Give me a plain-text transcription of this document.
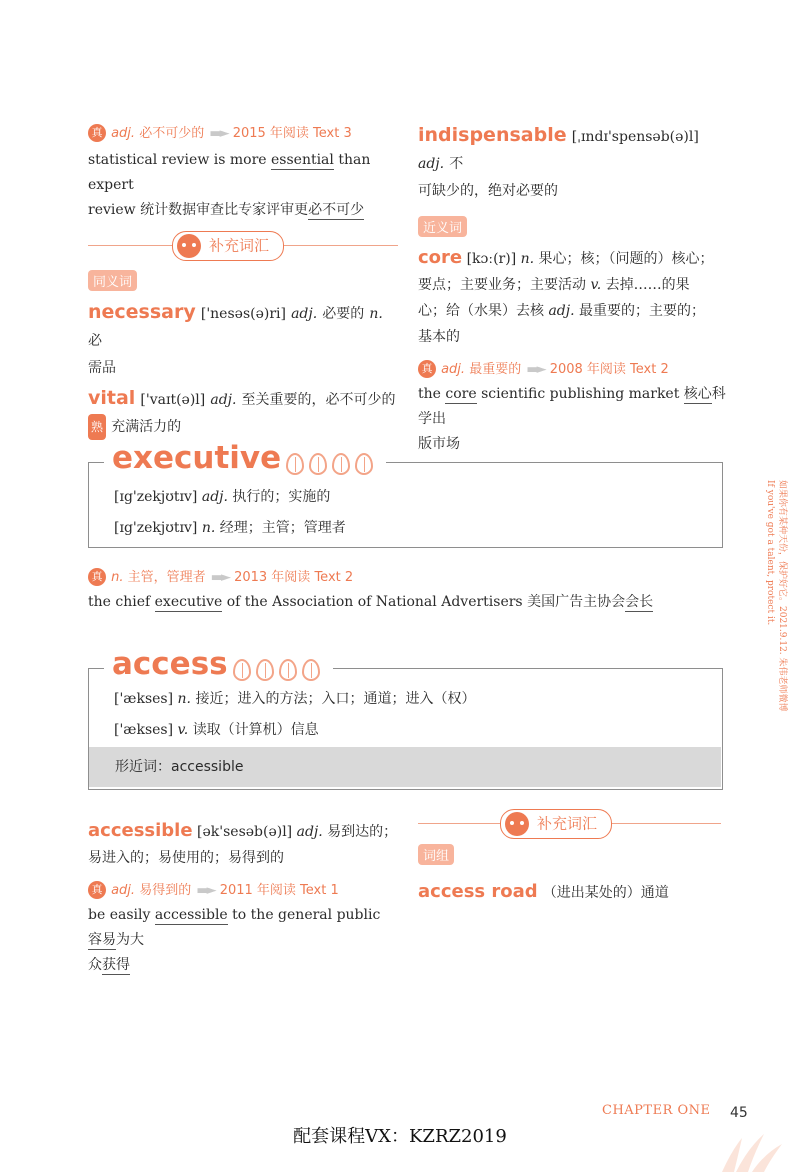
真 adj. 必不可少的 ▬► 2015 年阅读 Text 3
statistical review is more essential than expert
review 统计数据审查比专家评审更必不可少
补充词汇
同义词
necessary ['nesəs(ə)ri] adj. 必要的 n. 必
需品
vital ['vaɪt(ə)l] adj. 至关重要的，必不可少的
熟 充满活力的
indispensable [ˌɪndɪ'spensəb(ə)l] adj. 不
可缺少的，绝对必要的
近义词
core [kɔː(r)] n. 果心；核；（问题的）核心；
要点；主要业务；主要活动 v. 去掉……的果
心；给（水果）去核 adj. 最重要的；主要的；
基本的
真 adj. 最重要的 ▬► 2008 年阅读 Text 2
the core scientific publishing market 核心科学出
版市场
executive
[ɪg'zekjʊtɪv] adj. 执行的；实施的
[ɪg'zekjʊtɪv] n. 经理；主管；管理者
真 n. 主管，管理者 ▬► 2013 年阅读 Text 2
the chief executive of the Association of National Advertisers 美国广告主协会会长
access
['ækses] n. 接近；进入的方法；入口；通道；进入（权）
['ækses] v. 读取（计算机）信息
形近词：accessible
accessible [ək'sesəb(ə)l] adj. 易到达的；
易进入的；易使用的；易得到的
真 adj. 易得到的 ▬► 2011 年阅读 Text 1
be easily accessible to the general public 容易为大
众获得
补充词汇
词组
access road （进出某处的）通道
如果你有某种天份，保护好它。2021.9.12. 朱伟老师微博
If you've got a talent, protect it.
CHAPTER ONE 45
配套课程VX：KZRZ2019
